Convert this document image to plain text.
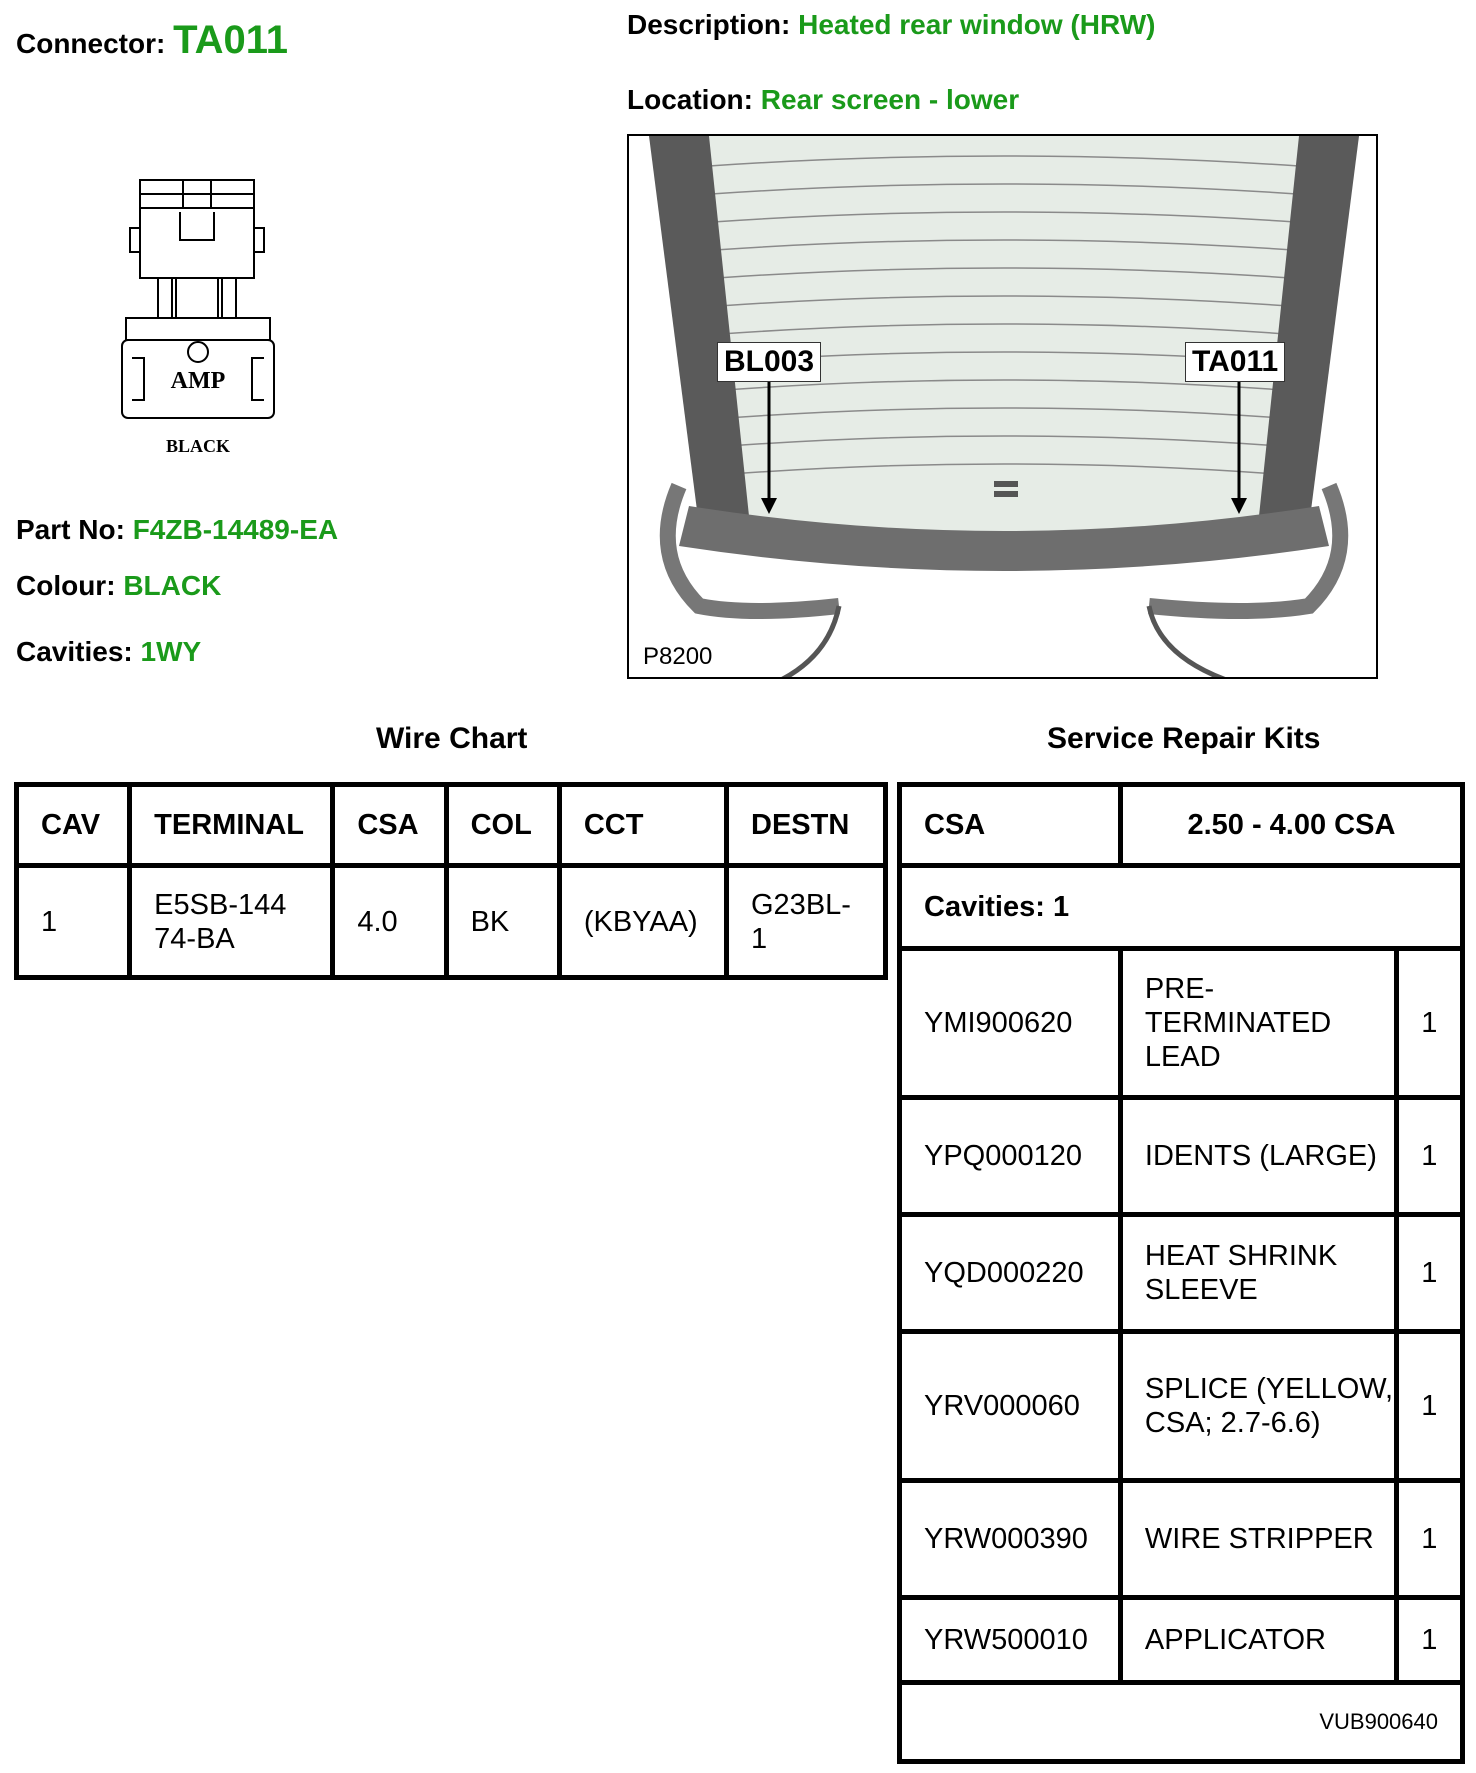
Connector: TA011	Description: Heated rear window (HRW)
Location: Rear screen - lower
AMP
BLACK
Part No: F4ZB-14489-EA
Colour: BLACK
Cavities: 1WY
BL003	TA011
P8200
Wire Chart
CAV	TERMINAL	CSA	COL	CCT	DESTN
1	E5SB-14474-BA	4.0	BK	(KBYAA)	G23BL-1
Service Repair Kits
CSA	2.50 - 4.00 CSA	
Cavities: 1		
YMI900620	PRE-TERMINATED LEAD	1
YPQ000120	IDENTS (LARGE)	1
YQD000220	HEAT SHRINK SLEEVE	1
YRV000060	SPLICE (YELLOW, CSA; 2.7-6.6)	1
YRW000390	WIRE STRIPPER	1
YRW500010	APPLICATOR	1
VUB900640		
